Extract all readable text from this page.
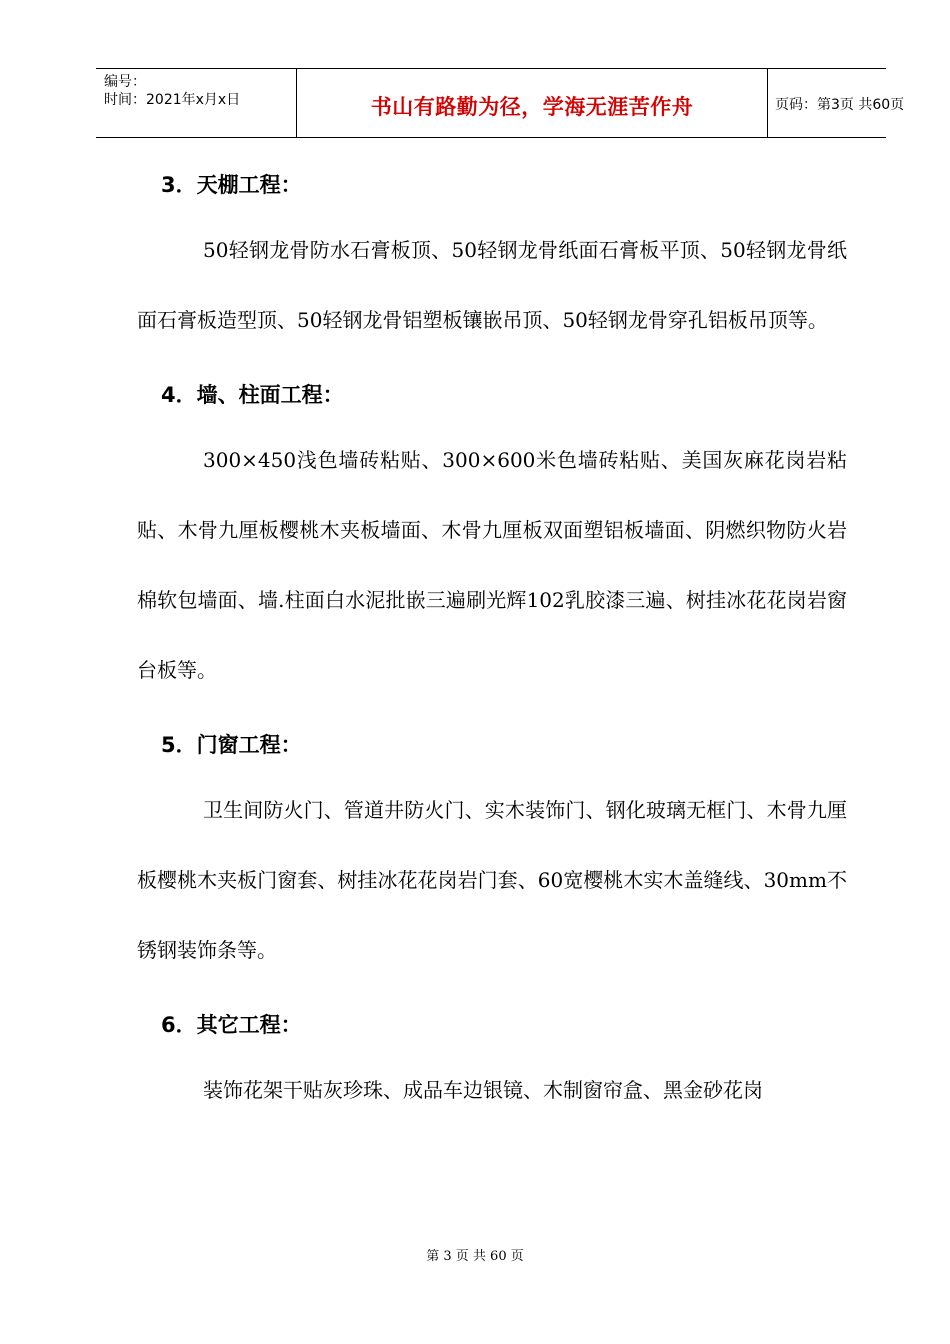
编号：
时间：2021年x月x日	书山有路勤为径，学海无涯苦作舟	页码：第3页 共60页
3．天棚工程：
50轻钢龙骨防水石膏板顶、50轻钢龙骨纸面石膏板平顶、50轻钢龙骨纸面石膏板造型顶、50轻钢龙骨铝塑板镶嵌吊顶、50轻钢龙骨穿孔铝板吊顶等。
4．墙、柱面工程：
300×450浅色墙砖粘贴、300×600米色墙砖粘贴、美国灰麻花岗岩粘贴、木骨九厘板樱桃木夹板墙面、木骨九厘板双面塑铝板墙面、阴燃织物防火岩棉软包墙面、墙.柱面白水泥批嵌三遍刷光辉102乳胶漆三遍、树挂冰花花岗岩窗台板等。
5．门窗工程：
卫生间防火门、管道井防火门、实木装饰门、钢化玻璃无框门、木骨九厘板樱桃木夹板门窗套、树挂冰花花岗岩门套、60宽樱桃木实木盖缝线、30mm不锈钢装饰条等。
6．其它工程：
装饰花架干贴灰珍珠、成品车边银镜、木制窗帘盒、黑金砂花岗
第 3 页 共 60 页
